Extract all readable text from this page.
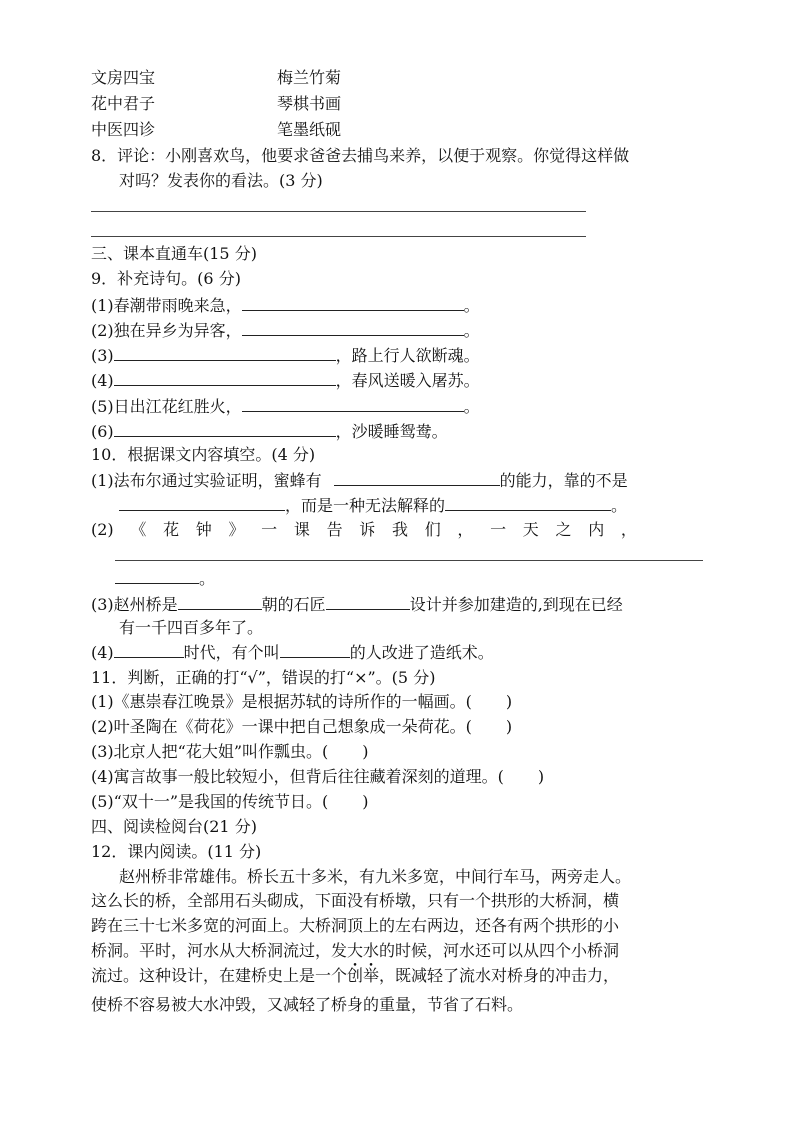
文房四宝	梅兰竹菊
花中君子	琴棋书画
中医四诊	笔墨纸砚
8．评论：小刚喜欢鸟，他要求爸爸去捕鸟来养，以便于观察。你觉得这样做
对吗？发表你的看法。(3 分)
三、课本直通车(15 分)
9．补充诗句。(6 分)
(1)春潮带雨晚来急，	。
(2)独在异乡为异客，	。
(3)	，路上行人欲断魂。
(4)	，春风送暖入屠苏。
(5)日出江花红胜火，	。
(6)	，沙暖睡鸳鸯。
10．根据课文内容填空。(4 分)
(1)法布尔通过实验证明，蜜蜂有	的能力，靠的不是
，而是一种无法解释的	。
(2) 《 花 钟 》 一 课 告 诉 我 们 ， 一 天 之 内 ，
。
(3)赵州桥是	朝的石匠	设计并参加建造的,到现在已经
有一千四百多年了。
(4)	时代，有个叫	的人改进了造纸术。
11．判断，正确的打“√”，错误的打“×”。(5 分)
(1)《惠崇春江晚景》是根据苏轼的诗所作的一幅画。( )
(2)叶圣陶在《荷花》一课中把自己想象成一朵荷花。( )
(3)北京人把“花大姐”叫作瓢虫。( )
(4)寓言故事一般比较短小，但背后往往藏着深刻的道理。( )
(5)“双十一”是我国的传统节日。( )
四、阅读检阅台(21 分)
12．课内阅读。(11 分)
赵州桥非常雄伟。桥长五十多米，有九米多宽，中间行车马，两旁走人。
这么长的桥，全部用石头砌成，下面没有桥墩，只有一个拱形的大桥洞，横
跨在三十七米多宽的河面上。大桥洞顶上的左右两边，还各有两个拱形的小
桥洞。平时，河水从大桥洞流过，发大水的时候，河水还可以从四个小桥洞
流过。这种设计，在建桥史上是一个创举，既减轻了流水对桥身的冲击力，
使桥不容易被大水冲毁，又减轻了桥身的重量，节省了石料。
